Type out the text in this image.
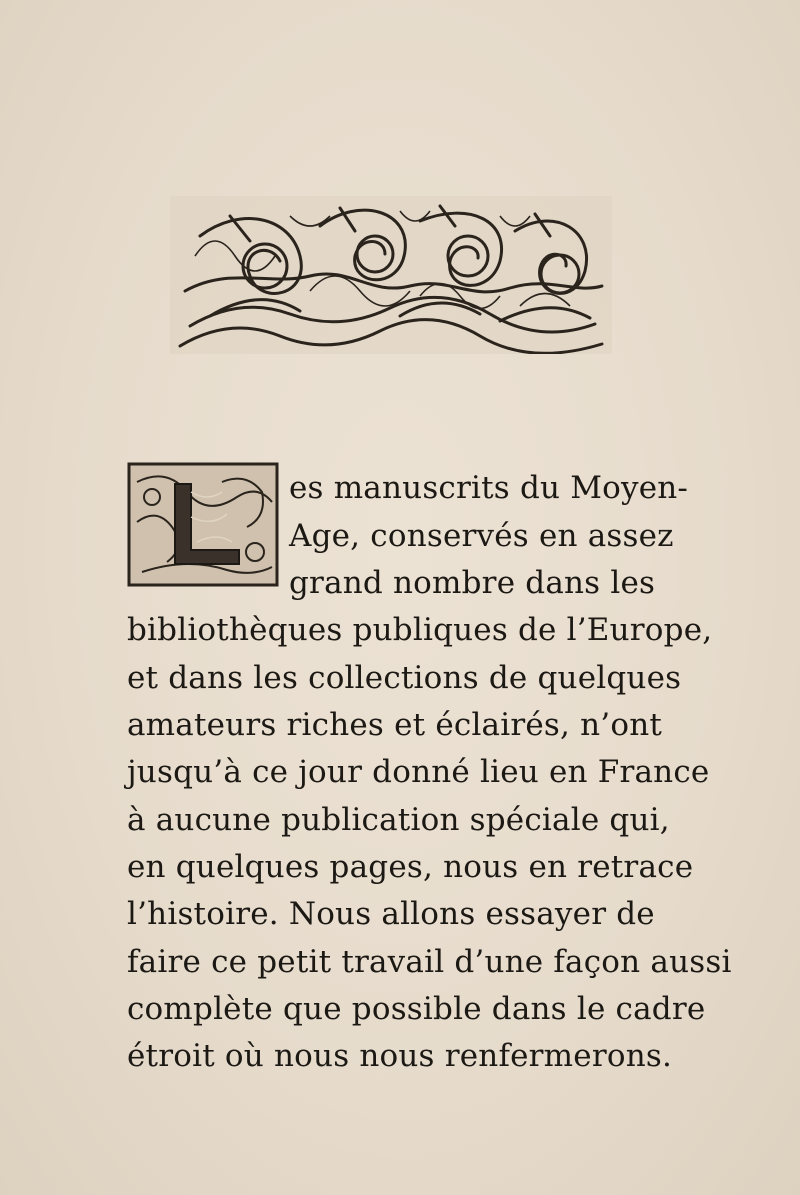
es manuscrits du Moyen-

Age, conservés en assez

grand nombre dans les

bibliothèques publiques de l’Europe,

et dans les collections de quelques

amateurs riches et éclairés, n’ont

jusqu’à ce jour donné lieu en France

à aucune publication spéciale qui,

en quelques pages, nous en retrace

l’histoire. Nous allons essayer de

faire ce petit travail d’une façon aussi

complète que possible dans le cadre

étroit où nous nous renfermerons.
